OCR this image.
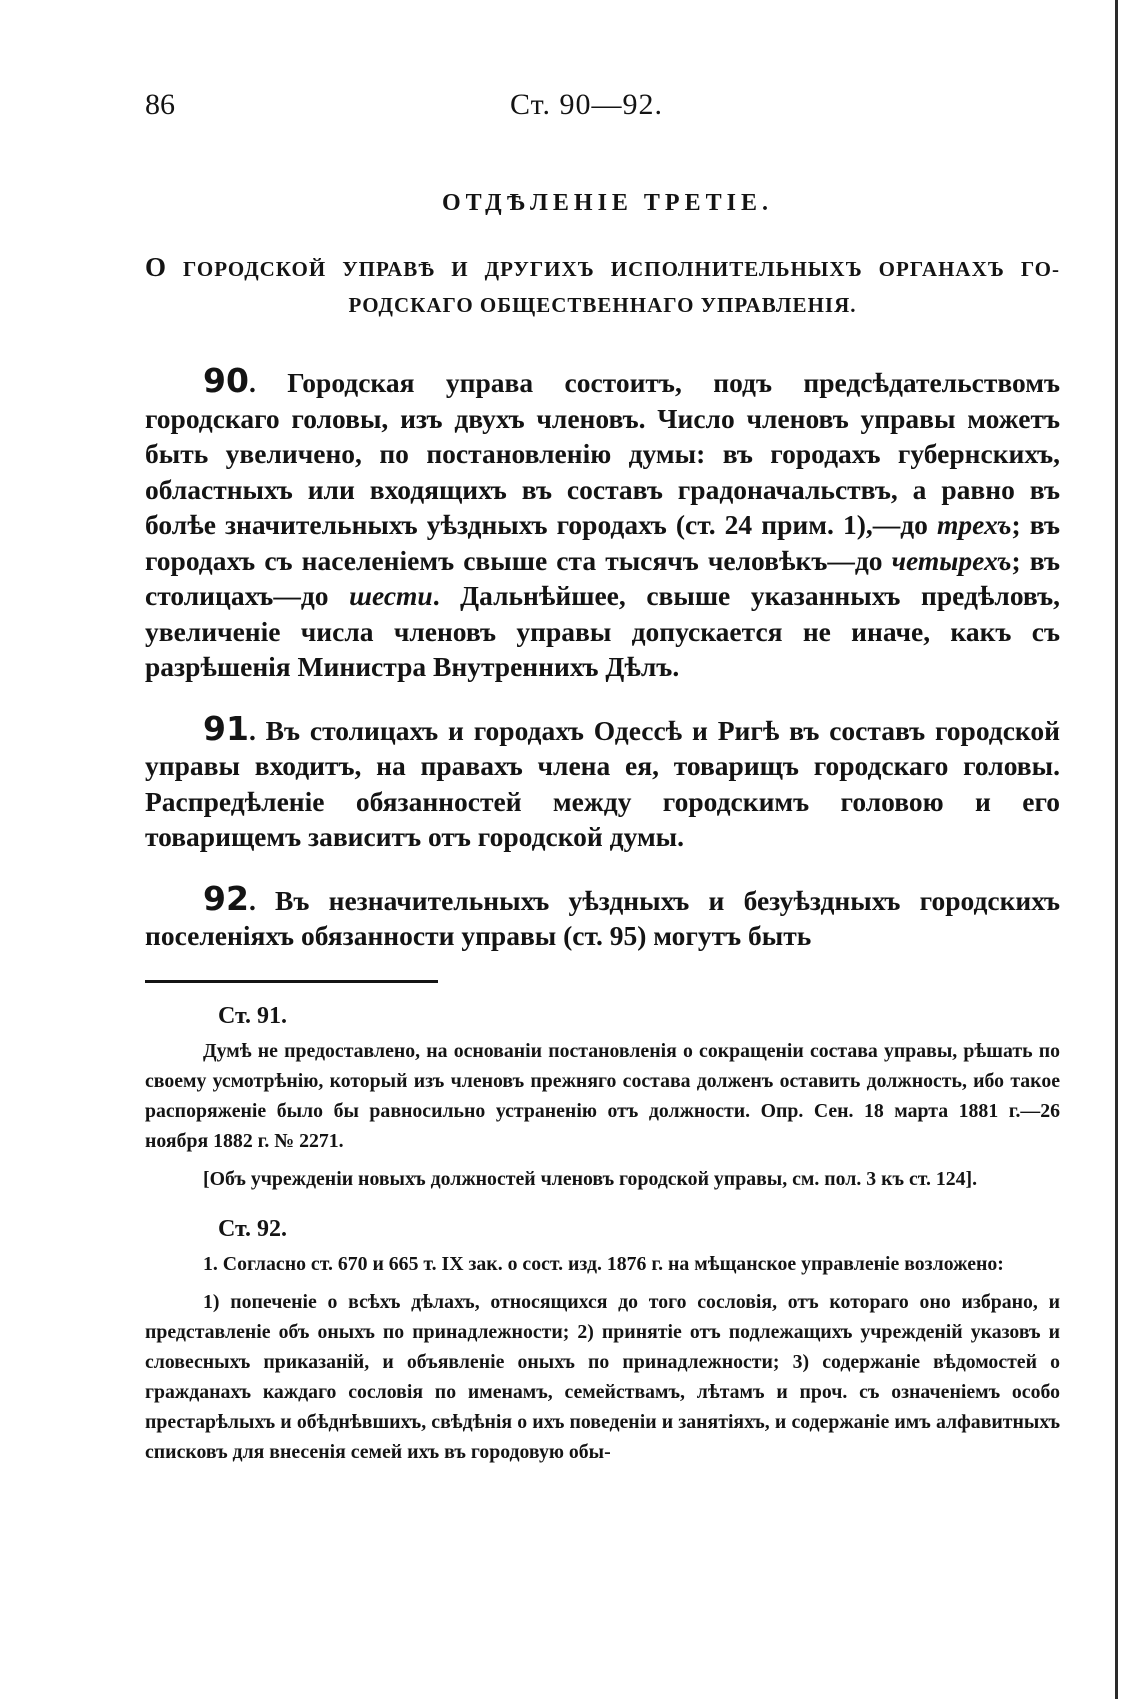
86	Ст. 90—92.
ОТДѢЛЕНІЕ ТРЕТІЕ.
О ГОРОДСКОЙ УПРАВѢ И ДРУГИХЪ ИСПОЛНИТЕЛЬНЫХЪ ОРГАНАХЪ ГО-
РОДСКАГО ОБЩЕСТВЕННАГО УПРАВЛЕНІЯ.

90. Городская управа состоитъ, подъ предсѣдательствомъ городскаго головы, изъ двухъ членовъ. Число членовъ управы можетъ быть увеличено, по постановленію думы: въ городахъ губернскихъ, областныхъ или входящихъ въ составъ градоначальствъ, а равно въ болѣе значительныхъ уѣздныхъ городахъ (ст. 24 прим. 1),—до трехъ; въ городахъ съ населеніемъ свыше ста тысячъ человѣкъ—до четырехъ; въ столицахъ—до шести. Дальнѣйшее, свыше указанныхъ предѣловъ, увеличеніе числа членовъ управы допускается не иначе, какъ съ разрѣшенія Министра Внутреннихъ Дѣлъ.

91. Въ столицахъ и городахъ Одессѣ и Ригѣ въ составъ городской управы входитъ, на правахъ члена ея, товарищъ городскаго головы. Распредѣленіе обязанностей между городскимъ головою и его товарищемъ зависитъ отъ городской думы.

92. Въ незначительныхъ уѣздныхъ и безуѣздныхъ городскихъ поселеніяхъ обязанности управы (ст. 95) могутъ быть

Ст. 91.

Думѣ не предоставлено, на основаніи постановленія о сокращеніи состава управы, рѣшать по своему усмотрѣнію, который изъ членовъ прежняго состава долженъ оставить должность, ибо такое распоряженіе было бы равносильно устраненію отъ должности. Опр. Сен. 18 марта 1881 г.—26 ноября 1882 г. № 2271.

[Объ учрежденіи новыхъ должностей членовъ городской управы, см. пол. 3 къ ст. 124].

Ст. 92.

1. Согласно ст. 670 и 665 т. IX зак. о сост. изд. 1876 г. на мѣщанское управленіе возложено:

1) попеченіе о всѣхъ дѣлахъ, относящихся до того сословія, отъ котораго оно избрано, и представленіе объ оныхъ по принадлежности; 2) принятіе отъ подлежащихъ учрежденій указовъ и словесныхъ приказаній, и объявленіе оныхъ по принадлежности; 3) содержаніе вѣдомостей о гражданахъ каждаго сословія по именамъ, семействамъ, лѣтамъ и проч. съ означеніемъ особо престарѣлыхъ и обѣднѣвшихъ, свѣдѣнія о ихъ поведеніи и занятіяхъ, и содержаніе имъ алфавитныхъ списковъ для внесенія семей ихъ въ городовую обы-
